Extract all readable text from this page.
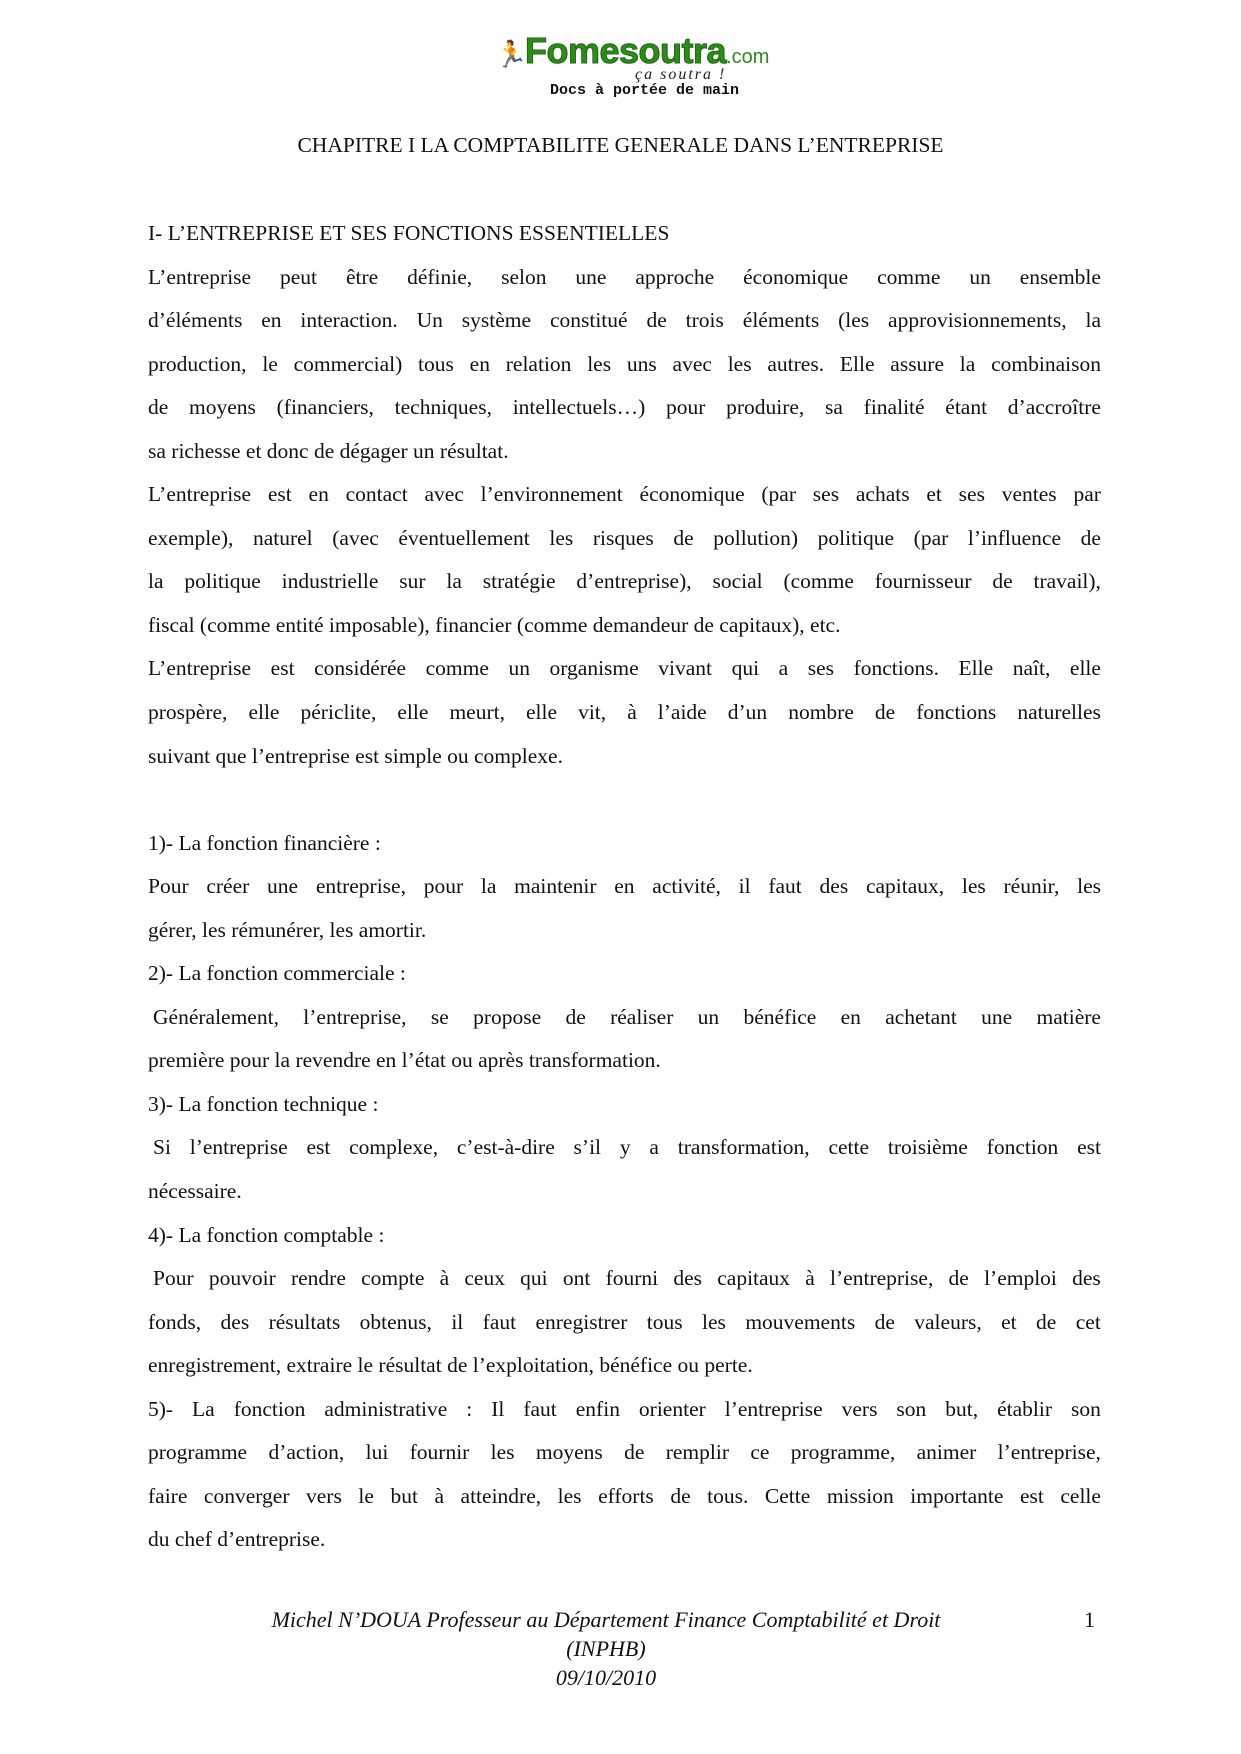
🏃
Fomesoutra.com
ça soutra !
Docs à portée de main
CHAPITRE I LA COMPTABILITE GENERALE DANS L’ENTREPRISE
I- L’ENTREPRISE ET SES FONCTIONS ESSENTIELLES
L’entreprise peut être définie, selon une approche économique comme un ensemble
d’éléments en interaction. Un système constitué de trois éléments (les approvisionnements, la
production, le commercial) tous en relation les uns avec les autres. Elle assure la combinaison
de moyens (financiers, techniques, intellectuels…) pour produire, sa finalité étant d’accroître
sa richesse et donc de dégager un résultat.
L’entreprise est en contact avec l’environnement économique (par ses achats et ses ventes par
exemple), naturel (avec éventuellement les risques de pollution) politique (par l’influence de
la politique industrielle sur la stratégie d’entreprise), social (comme fournisseur de travail),
fiscal (comme entité imposable), financier (comme demandeur de capitaux), etc.
L’entreprise est considérée comme un organisme vivant qui a ses fonctions. Elle naît, elle
prospère, elle périclite, elle meurt, elle vit, à l’aide d’un nombre de fonctions naturelles
suivant que l’entreprise est simple ou complexe.
1)- La fonction financière :
Pour créer une entreprise, pour la maintenir en activité, il faut des capitaux, les réunir, les
gérer, les rémunérer, les amortir.
2)- La fonction commerciale :
Généralement, l’entreprise, se propose de réaliser un bénéfice en achetant une matière
première pour la revendre en l’état ou après transformation.
3)- La fonction technique :
Si l’entreprise est complexe, c’est-à-dire s’il y a transformation, cette troisième fonction est
nécessaire.
4)- La fonction comptable :
Pour pouvoir rendre compte à ceux qui ont fourni des capitaux à l’entreprise, de l’emploi des
fonds, des résultats obtenus, il faut enregistrer tous les mouvements de valeurs, et de cet
enregistrement, extraire le résultat de l’exploitation, bénéfice ou perte.
5)- La fonction administrative : Il faut enfin orienter l’entreprise vers son but, établir son
programme d’action, lui fournir les moyens de remplir ce programme, animer l’entreprise,
faire converger vers le but à atteindre, les efforts de tous. Cette mission importante est celle
du chef d’entreprise.
Michel N’DOUA Professeur au Département Finance Comptabilité et Droit
(INPHB)
09/10/2010
1
